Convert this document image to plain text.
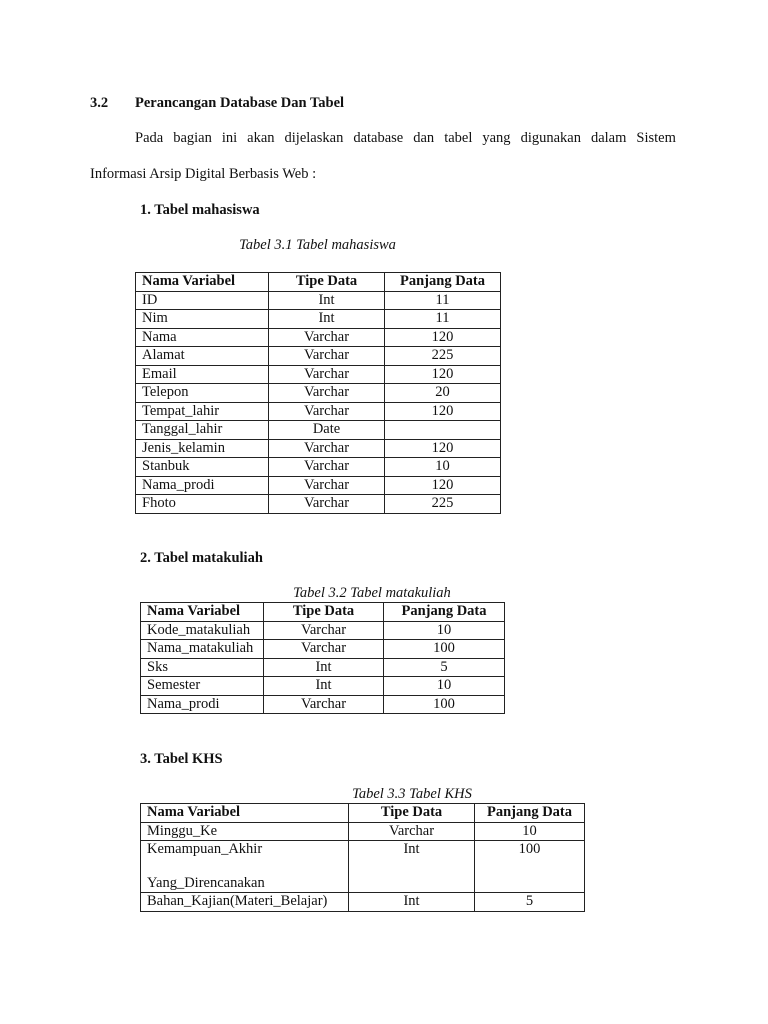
3.2 Perancangan Database Dan Tabel
Pada bagian ini akan dijelaskan database dan tabel yang digunakan dalam Sistem
Informasi Arsip Digital Berbasis Web :
1. Tabel mahasiswa
Tabel 3.1 Tabel mahasiswa
Nama Variabel	Tipe Data	Panjang Data
ID	Int	11
Nim	Int	11
Nama	Varchar	120
Alamat	Varchar	225
Email	Varchar	120
Telepon	Varchar	20
Tempat_lahir	Varchar	120
Tanggal_lahir	Date	
Jenis_kelamin	Varchar	120
Stanbuk	Varchar	10
Nama_prodi	Varchar	120
Fhoto	Varchar	225
2. Tabel matakuliah
Tabel 3.2 Tabel matakuliah
Nama Variabel	Tipe Data	Panjang Data
Kode_matakuliah	Varchar	10
Nama_matakuliah	Varchar	100
Sks	Int	5
Semester	Int	10
Nama_prodi	Varchar	100
3. Tabel KHS
Tabel 3.3 Tabel KHS
Nama Variabel	Tipe Data	Panjang Data
Minggu_Ke	Varchar	10

Kemampuan_Akhir
Yang_Direncanakan	Int	100
Bahan_Kajian(Materi_Belajar)	Int	5
